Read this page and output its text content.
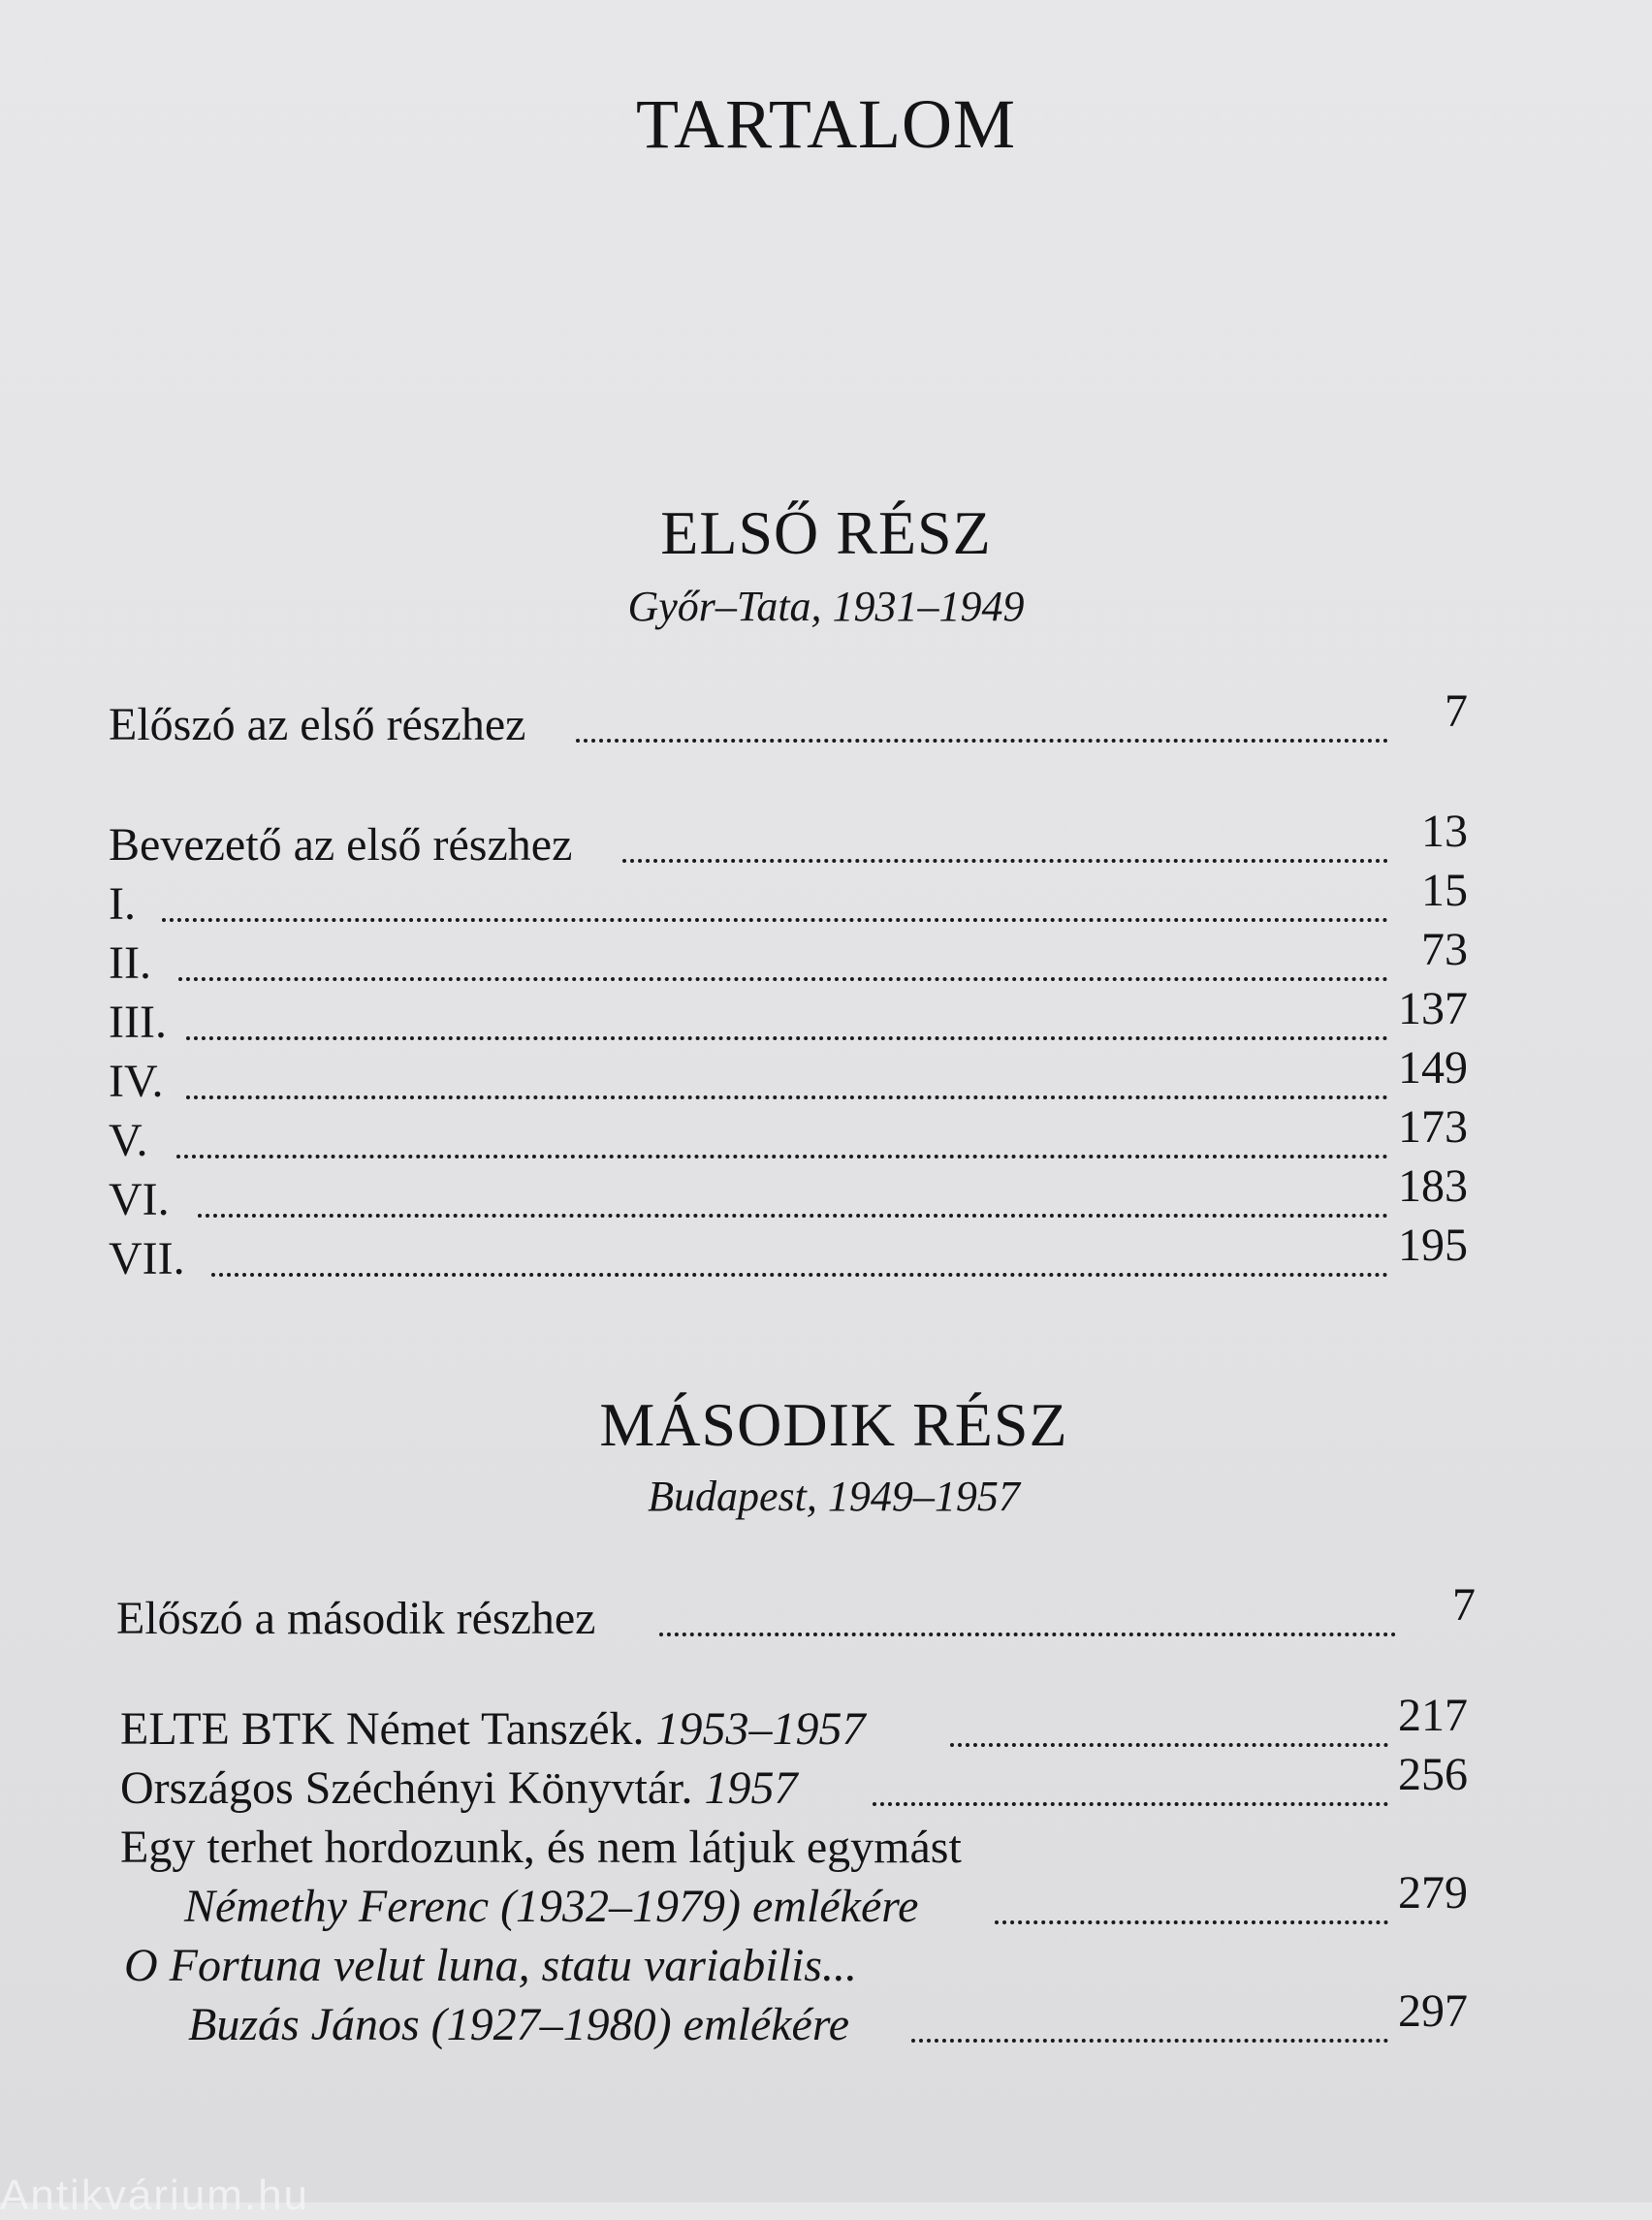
TARTALOM
ELSŐ RÉSZ
Győr–Tata, 1931–1949
Előszó az első részhez	7
Bevezető az első részhez	13
I.	15
II.	73
III.	137
IV.	149
V.	173
VI.	183
VII.	195
MÁSODIK RÉSZ
Budapest, 1949–1957
Előszó a második részhez	7
ELTE BTK Német Tanszék. 1953–1957	217
Országos Széchényi Könyvtár. 1957	256
Egy terhet hordozunk, és nem látjuk egymást
Némethy Ferenc (1932–1979) emlékére	279
O Fortuna velut luna, statu variabilis...
Buzás János (1927–1980) emlékére	297
Antikvárium.hu
